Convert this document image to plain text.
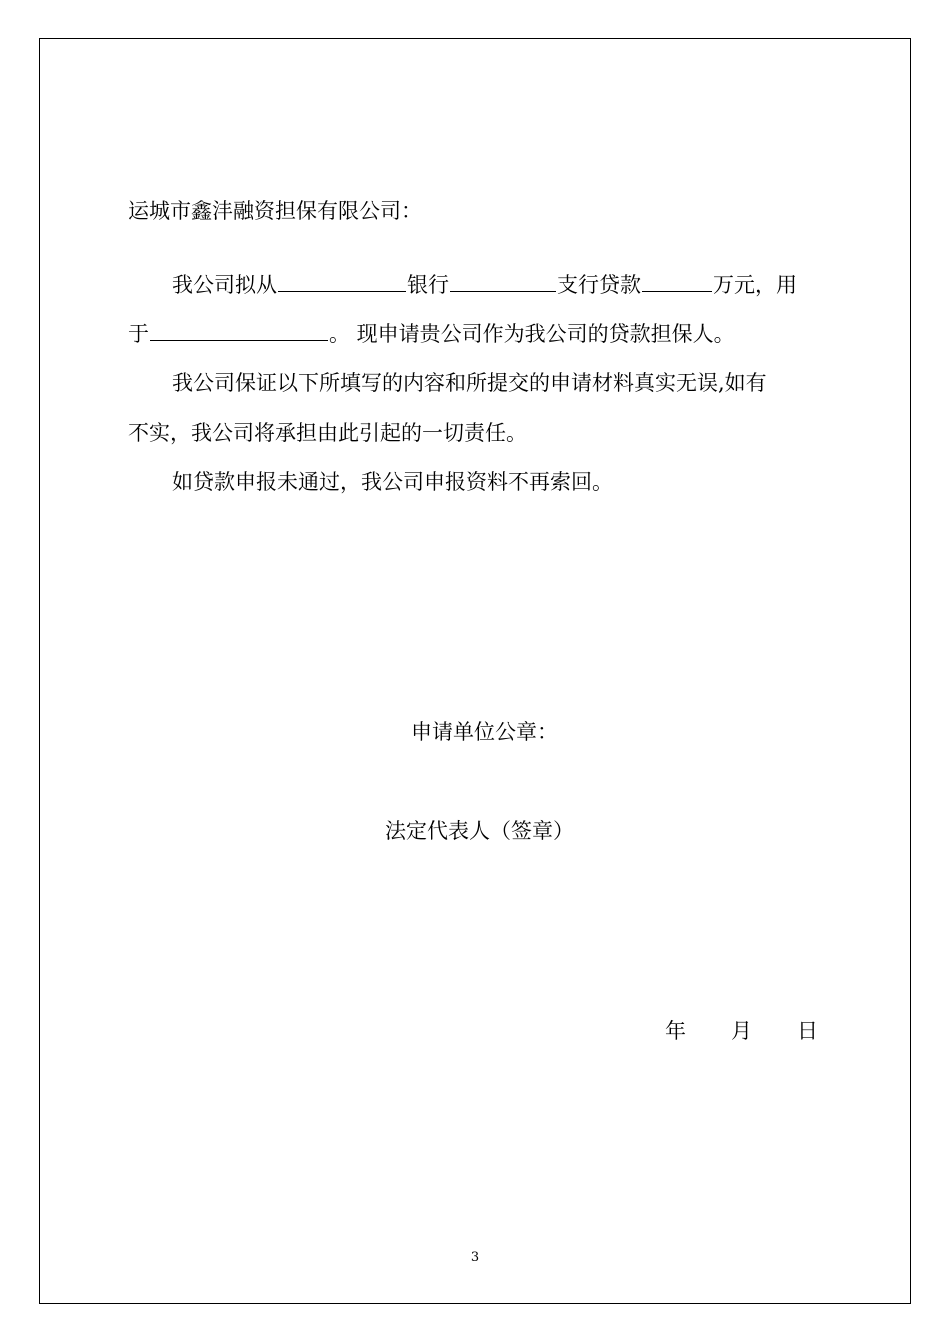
运城市鑫沣融资担保有限公司：
我公司拟从	银行	支行贷款	万元，用
于	。 现申请贵公司作为我公司的贷款担保人。
我公司保证以下所填写的内容和所提交的申请材料真实无误,如有
不实，我公司将承担由此引起的一切责任。
如贷款申报未通过，我公司申报资料不再索回。
申请单位公章：
法定代表人（签章）
年 月 日
3
